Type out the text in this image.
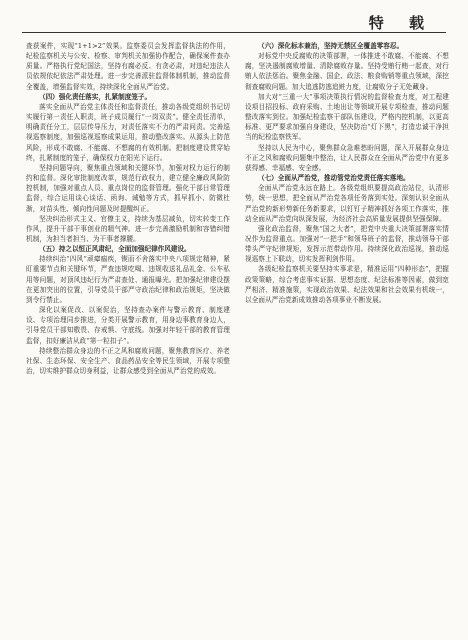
特 载

查获案件，实现“1+1>2”效果。监察委员会发挥监督执法的作用，纪检监察机关与公安、检察、审判机关加强协作配合，确保案件查办质量。严格执行党纪国法，坚持有腐必反、有贪必肃，对违纪违法人员依规依纪依法严肃处理。进一步完善派驻监督体制机制，推动监督全覆盖，增强监督实效，持续深化全面从严治党。

（四）强化责任落实，扎紧制度笼子。

落实全面从严治党主体责任和监督责任，推动各级党组织书记切实履行第一责任人职责，班子成员履行“一岗双责”。健全责任清单，明确责任分工，层层传导压力，对责任落实不力的严肃问责。完善巡视巡察制度，加强巡视巡察成果运用，推动整改落实。从源头上防范风险，形成不敢腐、不能腐、不想腐的有效机制。把制度建设贯穿始终，扎紧制度的笼子，确保权力在阳光下运行。

坚持问题导向，聚焦重点领域和关键环节，加强对权力运行的制约和监督。深化审批制度改革，规范行政权力，建立健全廉政风险防控机制，加强对重点人员、重点岗位的监督管理。强化干部日常管理监督，综合运用谈心谈话、函询、诫勉等方式，抓早抓小、防微杜渐，对苗头性、倾向性问题及时提醒纠正。

坚决纠治形式主义、官僚主义，持续为基层减负，切实转变工作作风，提升干部干事创业的精气神。进一步完善激励机制和容错纠错机制，为担当者担当、为干事者撑腰。

（五）持之以恒正风肃纪，全面加强纪律作风建设。

持续纠治“四风”顽瘴痼疾，锲而不舍落实中央八项规定精神，紧盯重要节点和关键环节，严查违规吃喝、违规收送礼品礼金、公车私用等问题，对顶风违纪行为严肃查处、通报曝光。把加强纪律建设摆在更加突出的位置，引导党员干部严守政治纪律和政治规矩，坚决做到令行禁止。

深化以案促改、以案促治，坚持查办案件与警示教育、制度建设、专项治理同步推进，分类开展警示教育，用身边事教育身边人，引导党员干部知敬畏、存戒惧、守底线。加强对年轻干部的教育管理监督，扣好廉洁从政“第一粒扣子”。

持续整治群众身边的不正之风和腐败问题，聚焦教育医疗、养老社保、生态环保、安全生产、食品药品安全等民生领域，开展专项整治，切实维护群众切身利益，让群众感受到全面从严治党的成效。

（六）深化标本兼治，坚持无禁区全覆盖零容忍。

对标党中央反腐败的决策部署，一体推进不敢腐、不能腐、不想腐，坚决遏制腐败增量、清除腐败存量。坚持受贿行贿一起查，对行贿人依法惩治。聚焦金融、国企、政法、粮食购销等重点领域，深挖彻查腐败问题。加大追逃防逃追赃力度，让腐败分子无处藏身。

加大对“三重一大”事项决策执行情况的监督检查力度，对工程建设项目招投标、政府采购、土地出让等领域开展专项检查，推动问题整改落实到位。加强纪检监察干部队伍建设，严格内控机制，以更高标准、更严要求加强自身建设，坚决防治“灯下黑”，打造忠诚干净担当的纪检监察铁军。

坚持以人民为中心，聚焦群众急难愁盼问题，深入开展群众身边不正之风和腐败问题集中整治，让人民群众在全面从严治党中有更多获得感、幸福感、安全感。

（七）全面从严治党，推动管党治党责任落实落地。

全面从严治党永远在路上。各级党组织要提高政治站位，认清形势，统一思想，把全面从严治党各项任务落到实处。深刻认识全面从严治党的新形势新任务新要求，以钉钉子精神抓好各项工作落实，推动全面从严治党向纵深发展，为经济社会高质量发展提供坚强保障。

强化政治监督，聚焦“国之大者”，把党中央重大决策部署落实情况作为监督重点。加强对“一把手”和领导班子的监督，推动领导干部带头严守纪律规矩，发挥示范带动作用。持续深化政治巡视，推动巡视巡察上下联动，切实发挥利剑作用。

各级纪检监察机关要坚持实事求是，精准运用“四种形态”，把握政策策略，综合考虑事实证据、思想态度、纪法标准等因素，做到宽严相济、精准施策，实现政治效果、纪法效果和社会效果有机统一，以全面从严治党新成效推动各项事业不断发展。
